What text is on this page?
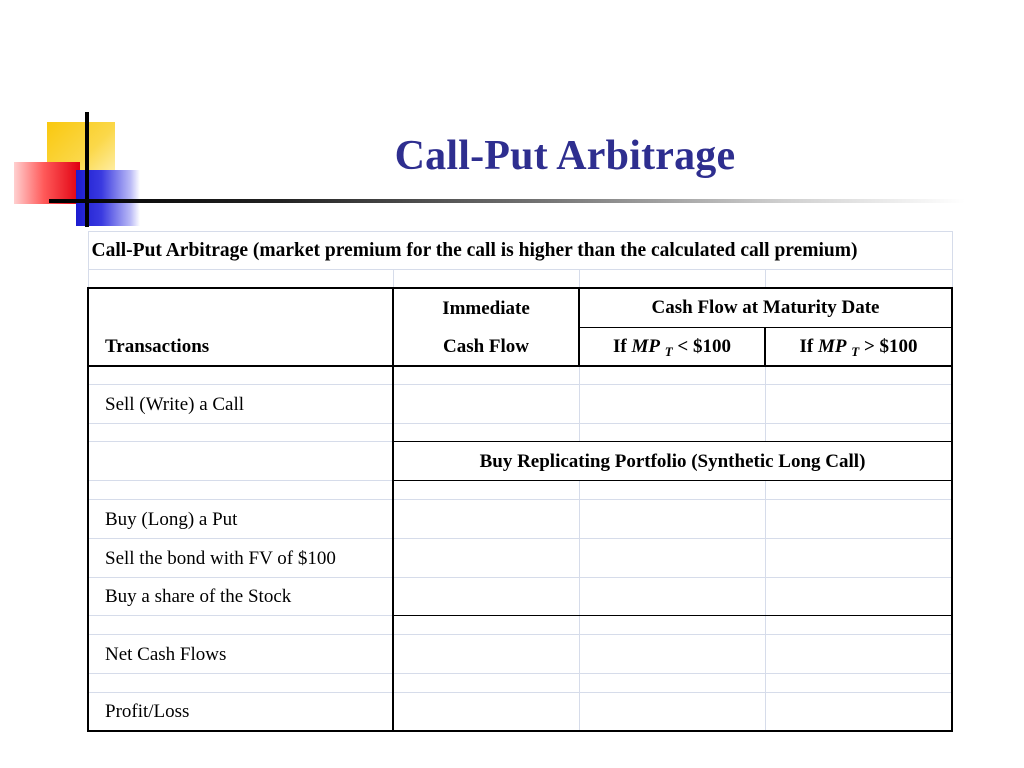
Call-Put Arbitrage
Call-Put Arbitrage (market premium for the call is higher than the calculated call premium)			

	Immediate	Cash Flow at Maturity Date	
Transactions	Cash Flow	If MP $_T$ < $100	If MP $_T$ > $100

Sell (Write) a Call			

	Buy Replicating Portfolio (Synthetic Long Call)		

Buy (Long) a Put			
Sell the bond with FV of $100			
Buy a share of the Stock			

Net Cash Flows			

Profit/Loss			
